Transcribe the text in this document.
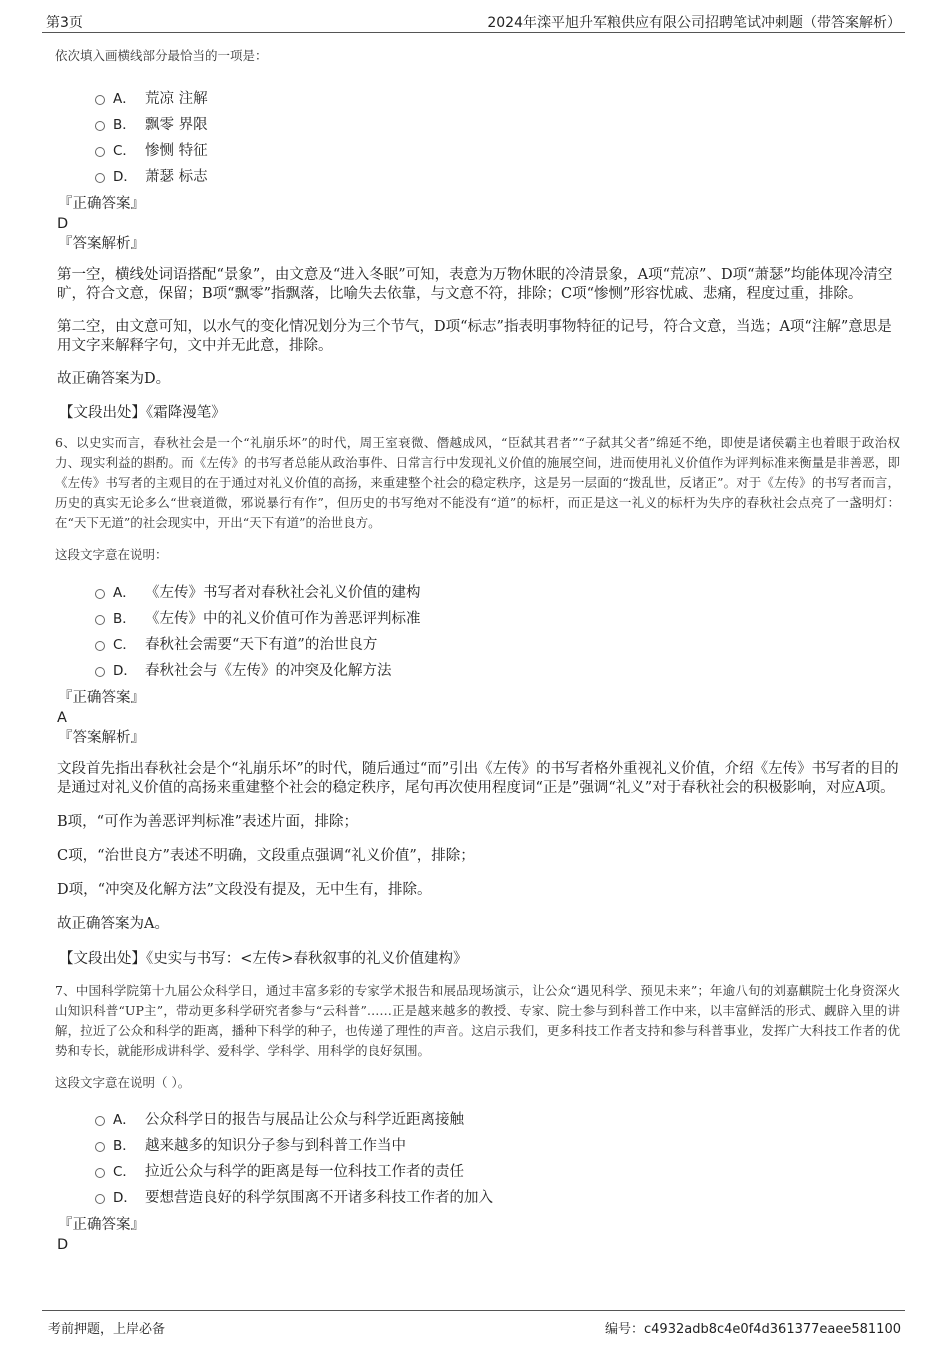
第3页	2024年滦平旭升军粮供应有限公司招聘笔试冲刺题（带答案解析）

依次填入画横线部分最恰当的一项是：

A． 荒凉 注解
B． 飘零 界限
C． 惨恻 特征
D． 萧瑟 标志
『正确答案』
D
『答案解析』

第一空，横线处词语搭配“景象”，由文意及“进入冬眠”可知，表意为万物休眠的冷清景象，A项“荒凉”、D项“萧瑟”均能体现冷清空旷，符合文意，保留；B项“飘零”指飘落，比喻失去依靠，与文意不符，排除；C项“惨恻”形容忧戚、悲痛，程度过重，排除。

第二空，由文意可知，以水气的变化情况划分为三个节气，D项“标志”指表明事物特征的记号，符合文意，当选；A项“注解”意思是用文字来解释字句，文中并无此意，排除。

故正确答案为D。

【文段出处】《霜降漫笔》

6、以史实而言，春秋社会是一个“礼崩乐坏”的时代，周王室衰微、僭越成风，“臣弑其君者”“子弑其父者”绵延不绝，即使是诸侯霸主也着眼于政治权力、现实利益的斟酌。而《左传》的书写者总能从政治事件、日常言行中发现礼义价值的施展空间，进而使用礼义价值作为评判标准来衡量是非善恶，即《左传》书写者的主观目的在于通过对礼义价值的高扬，来重建整个社会的稳定秩序，这是另一层面的“拨乱世，反诸正”。对于《左传》的书写者而言，历史的真实无论多么“世衰道微，邪说暴行有作”，但历史的书写绝对不能没有“道”的标杆，而正是这一礼义的标杆为失序的春秋社会点亮了一盏明灯：在“天下无道”的社会现实中，开出“天下有道”的治世良方。

这段文字意在说明：

A． 《左传》书写者对春秋社会礼义价值的建构
B． 《左传》中的礼义价值可作为善恶评判标准
C． 春秋社会需要“天下有道”的治世良方
D． 春秋社会与《左传》的冲突及化解方法
『正确答案』
A
『答案解析』

文段首先指出春秋社会是个“礼崩乐坏”的时代，随后通过“而”引出《左传》的书写者格外重视礼义价值，介绍《左传》书写者的目的是通过对礼义价值的高扬来重建整个社会的稳定秩序，尾句再次使用程度词“正是”强调“礼义”对于春秋社会的积极影响，对应A项。

B项，“可作为善恶评判标准”表述片面，排除；

C项，“治世良方”表述不明确，文段重点强调“礼义价值”，排除；

D项，“冲突及化解方法”文段没有提及，无中生有，排除。

故正确答案为A。

【文段出处】《史实与书写：<左传>春秋叙事的礼义价值建构》

7、中国科学院第十九届公众科学日，通过丰富多彩的专家学术报告和展品现场演示，让公众“遇见科学、预见未来”；年逾八旬的刘嘉麒院士化身资深火山知识科普“UP主”，带动更多科学研究者参与“云科普”……正是越来越多的教授、专家、院士参与到科普工作中来，以丰富鲜活的形式、觑辟入里的讲解，拉近了公众和科学的距离，播种下科学的种子，也传递了理性的声音。这启示我们，更多科技工作者支持和参与科普事业，发挥广大科技工作者的优势和专长，就能形成讲科学、爱科学、学科学、用科学的良好氛围。

这段文字意在说明（ ）。

A． 公众科学日的报告与展品让公众与科学近距离接触
B． 越来越多的知识分子参与到科普工作当中
C． 拉近公众与科学的距离是每一位科技工作者的责任
D． 要想营造良好的科学氛围离不开诸多科技工作者的加入
『正确答案』
D
考前押题，上岸必备	编号：c4932adb8c4e0f4d361377eaee581100
